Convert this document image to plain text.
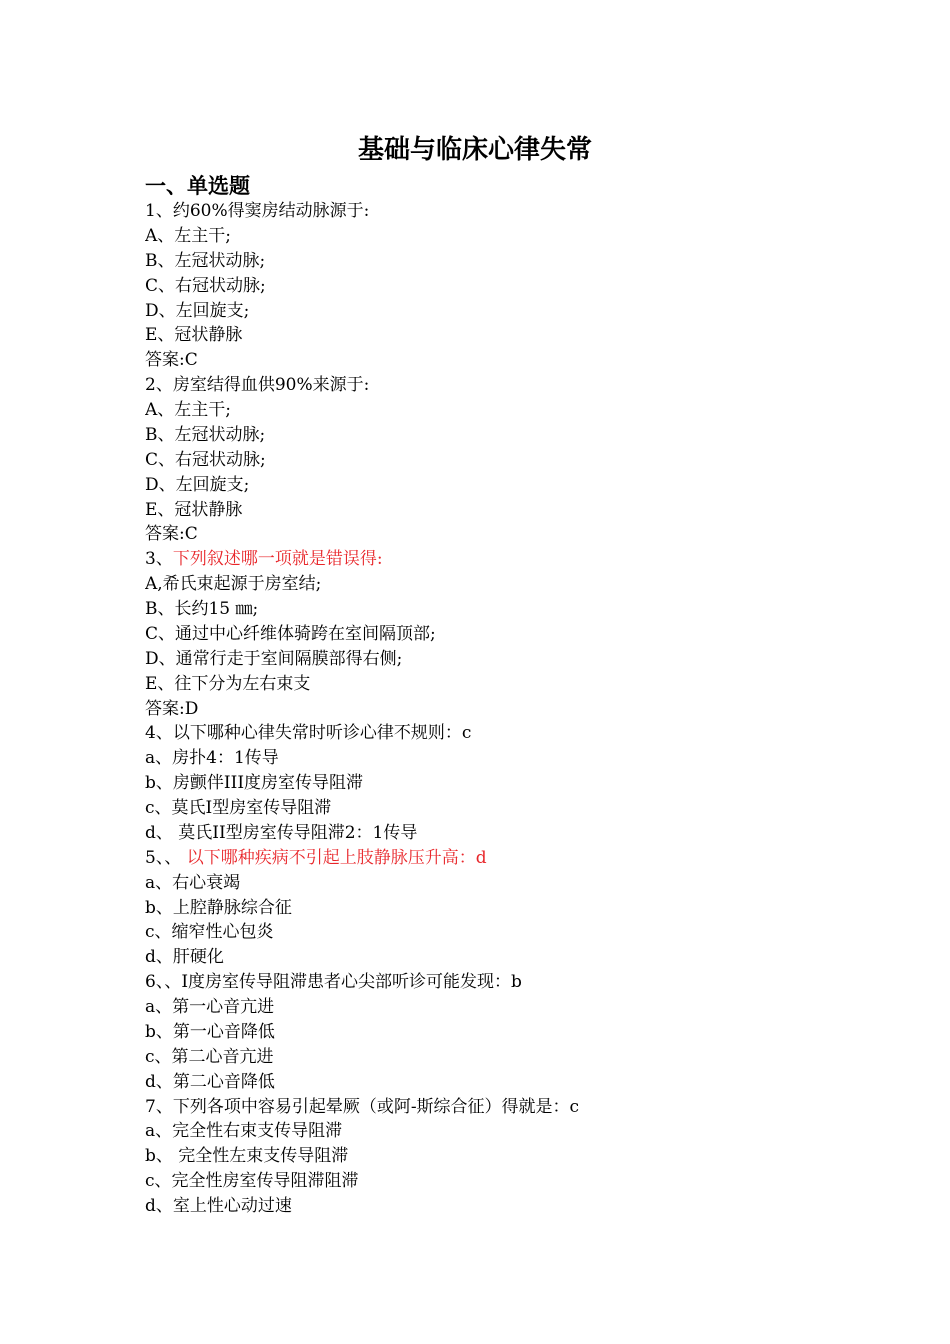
基础与临床心律失常
一、单选题
1、约60%得窦房结动脉源于:
A、左主干;
B、左冠状动脉;
C、右冠状动脉;
D、左回旋支;
E、冠状静脉
答案:C
2、房室结得血供90%来源于:
A、左主干;
B、左冠状动脉;
C、右冠状动脉;
D、左回旋支;
E、冠状静脉
答案:C
3、下列叙述哪一项就是错误得:
A,希氏束起源于房室结;
B、长约15 ㎜;
C、通过中心纤维体骑跨在室间隔顶部;
D、通常行走于室间隔膜部得右侧;
E、往下分为左右束支
答案:D
4、以下哪种心律失常时听诊心律不规则：c
a、房扑4：1传导
b、房颤伴III度房室传导阻滞
c、莫氏I型房室传导阻滞
d、 莫氏II型房室传导阻滞2：1传导
5、、 以下哪种疾病不引起上肢静脉压升高：d
a、右心衰竭
b、上腔静脉综合征
c、缩窄性心包炎
d、肝硬化
6、、I度房室传导阻滞患者心尖部听诊可能发现：b
a、第一心音亢进
b、第一心音降低
c、第二心音亢进
d、第二心音降低
7、下列各项中容易引起晕厥（或阿-斯综合征）得就是：c
a、完全性右束支传导阻滞
b、 完全性左束支传导阻滞
c、完全性房室传导阻滞阻滞
d、室上性心动过速
